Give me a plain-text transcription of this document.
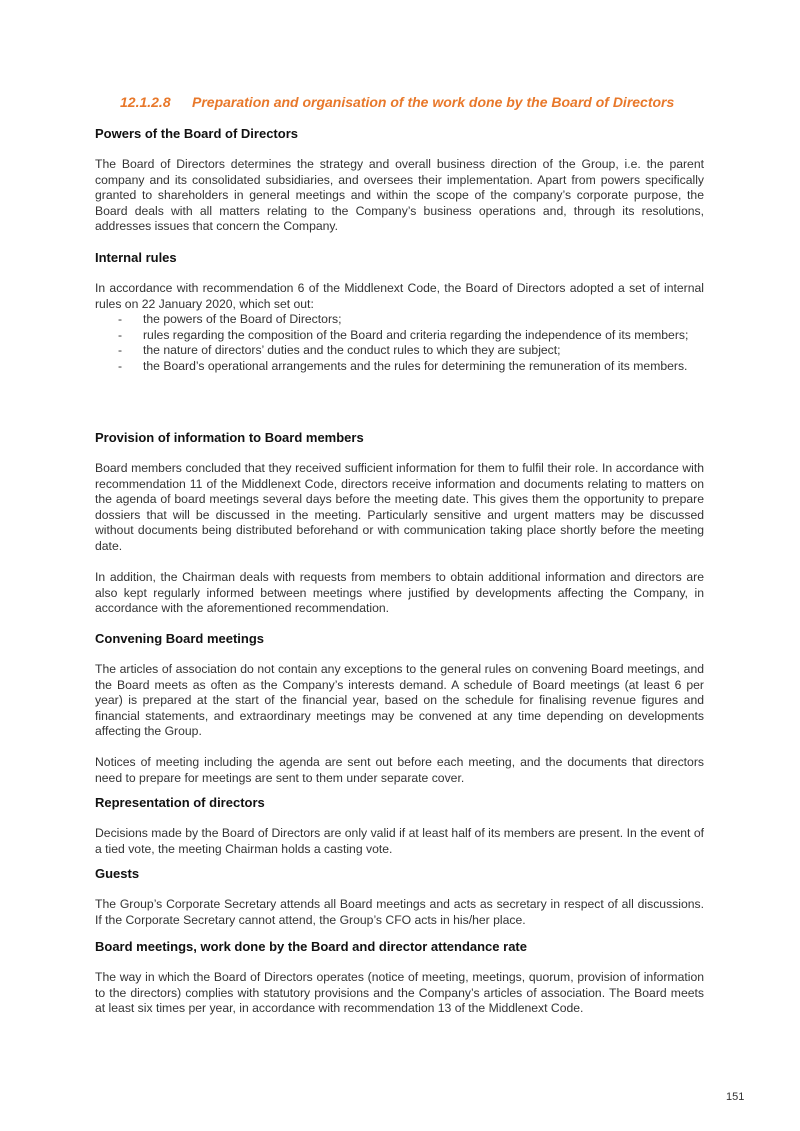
12.1.2.8 Preparation and organisation of the work done by the Board of Directors
Powers of the Board of Directors

The Board of Directors determines the strategy and overall business direction of the Group, i.e. the parent company and its consolidated subsidiaries, and oversees their implementation. Apart from powers specifically granted to shareholders in general meetings and within the scope of the company’s corporate purpose, the Board deals with all matters relating to the Company’s business operations and, through its resolutions, addresses issues that concern the Company.

Internal rules

In accordance with recommendation 6 of the Middlenext Code, the Board of Directors adopted a set of internal rules on 22 January 2020, which set out:

- the powers of the Board of Directors;
- rules regarding the composition of the Board and criteria regarding the independence of its members;
- the nature of directors’ duties and the conduct rules to which they are subject;
- the Board’s operational arrangements and the rules for determining the remuneration of its members.
Provision of information to Board members

Board members concluded that they received sufficient information for them to fulfil their role. In accordance with recommendation 11 of the Middlenext Code, directors receive information and documents relating to matters on the agenda of board meetings several days before the meeting date. This gives them the opportunity to prepare dossiers that will be discussed in the meeting. Particularly sensitive and urgent matters may be discussed without documents being distributed beforehand or with communication taking place shortly before the meeting date.

In addition, the Chairman deals with requests from members to obtain additional information and directors are also kept regularly informed between meetings where justified by developments affecting the Company, in accordance with the aforementioned recommendation.

Convening Board meetings

The articles of association do not contain any exceptions to the general rules on convening Board meetings, and the Board meets as often as the Company’s interests demand. A schedule of Board meetings (at least 6 per year) is prepared at the start of the financial year, based on the schedule for finalising revenue figures and financial statements, and extraordinary meetings may be convened at any time depending on developments affecting the Group.

Notices of meeting including the agenda are sent out before each meeting, and the documents that directors need to prepare for meetings are sent to them under separate cover.

Representation of directors

Decisions made by the Board of Directors are only valid if at least half of its members are present. In the event of a tied vote, the meeting Chairman holds a casting vote.

Guests

The Group’s Corporate Secretary attends all Board meetings and acts as secretary in respect of all discussions. If the Corporate Secretary cannot attend, the Group’s CFO acts in his/her place.

Board meetings, work done by the Board and director attendance rate

The way in which the Board of Directors operates (notice of meeting, meetings, quorum, provision of information to the directors) complies with statutory provisions and the Company’s articles of association. The Board meets at least six times per year, in accordance with recommendation 13 of the Middlenext Code.

151
